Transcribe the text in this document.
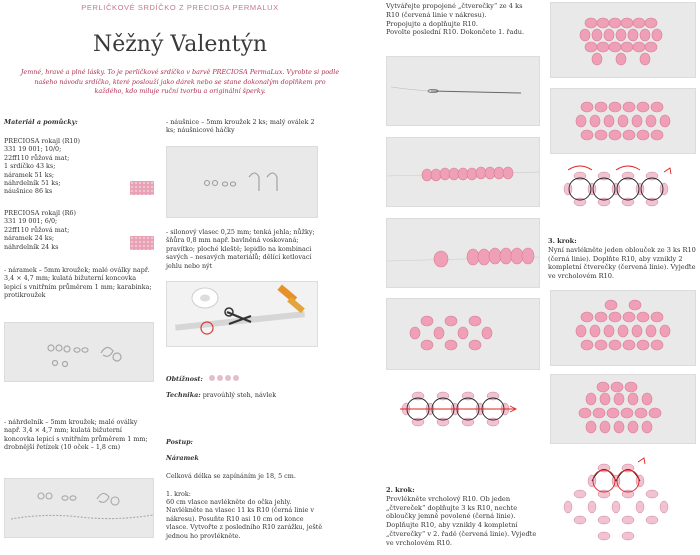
PERLIČKOVÉ SRDÍČKO Z PRECIOSA PERMALUX
Něžný Valentýn
Jemné, hravé a plné lásky. To je perličkové srdíčko v barvě PRECIOSA PermaLux. Vyrobte si podle našeho návodu srdíčko, které poslouží jako dárek nebo se stane dokonalým doplňkem pro každého, kdo miluje ruční tvorbu a originální šperky.
Materiál a pomůcky:
PRECIOSA rokajl (R10)
331 19 001; 10/0;
22ff110 růžová mat;
1 srdíčko 43 ks;
náramek 51 ks;
náhrdelník 51 ks;
náušnice 86 ks
PRECIOSA rokajl (R6)
331 19 001; 6/0;
22ff110 růžová mat;
náramek 24 ks;
náhrdelník 24 ks
- náramek – 5mm kroužek; malé oválky např. 3,4 × 4,7 mm; kulatá bižuterní koncovka lepicí s vnitřním průměrem 1 mm; karabinka; protikroužek
- náhrdelník – 5mm kroužek; malé oválky např. 3,4 × 4,7 mm; kulatá bižuterní koncovka lepicí s vnitřním průměrem 1 mm; drobnější řetízek (10 oček – 1,8 cm)
- náušnice – 5mm kroužek 2 ks; malý oválek 2 ks; náušnicové háčky
- silonový vlasec 0,25 mm; tenká jehla; nůžky; šňůra 0,8 mm např. bavlněná voskovaná; pravítko; ploché kleště; lepidlo na kombinaci savých – nesavých materiálů; dělící ketlovací jehlu nebo nýt
Obtížnost:
Technika: pravoúhlý steh, návlek
Postup:
Náramek
Celková délka se zapínáním je 18, 5 cm.
1. krok:
60 cm vlasce navlékněte do očka jehly. Navlékněte na vlasec 11 ks R10 (černá linie v nákresu). Posuňte R10 asi 10 cm od konce vlasce. Vytvořte z posledního R10 zarážku, ještě jednou ho provlékněte.
Vytvářejte propojené „čtverečky“ ze 4 ks
R10 (červená linie v nákresu).
Propojujte a doplňujte R10.
Povolte poslední R10. Dokončete 1. řadu.
2. krok:
Provlékněte vrcholový R10. Ob jeden „čtvereček“ doplňujte 3 ks R10, nechte obloučky jemně povolené (černá linie). Doplňujte R10, aby vznikly 4 kompletní „čtverečky“ v 2. řadě (červená linie). Vyjeďte ve vrcholovém R10.
3. krok:
Nyní navlékněte jeden oblouček ze 3 ks R10 (černá linie). Doplňte R10, aby vznikly 2 kompletní čtverečky (červená linie). Vyjeďte ve vrcholovém R10.
